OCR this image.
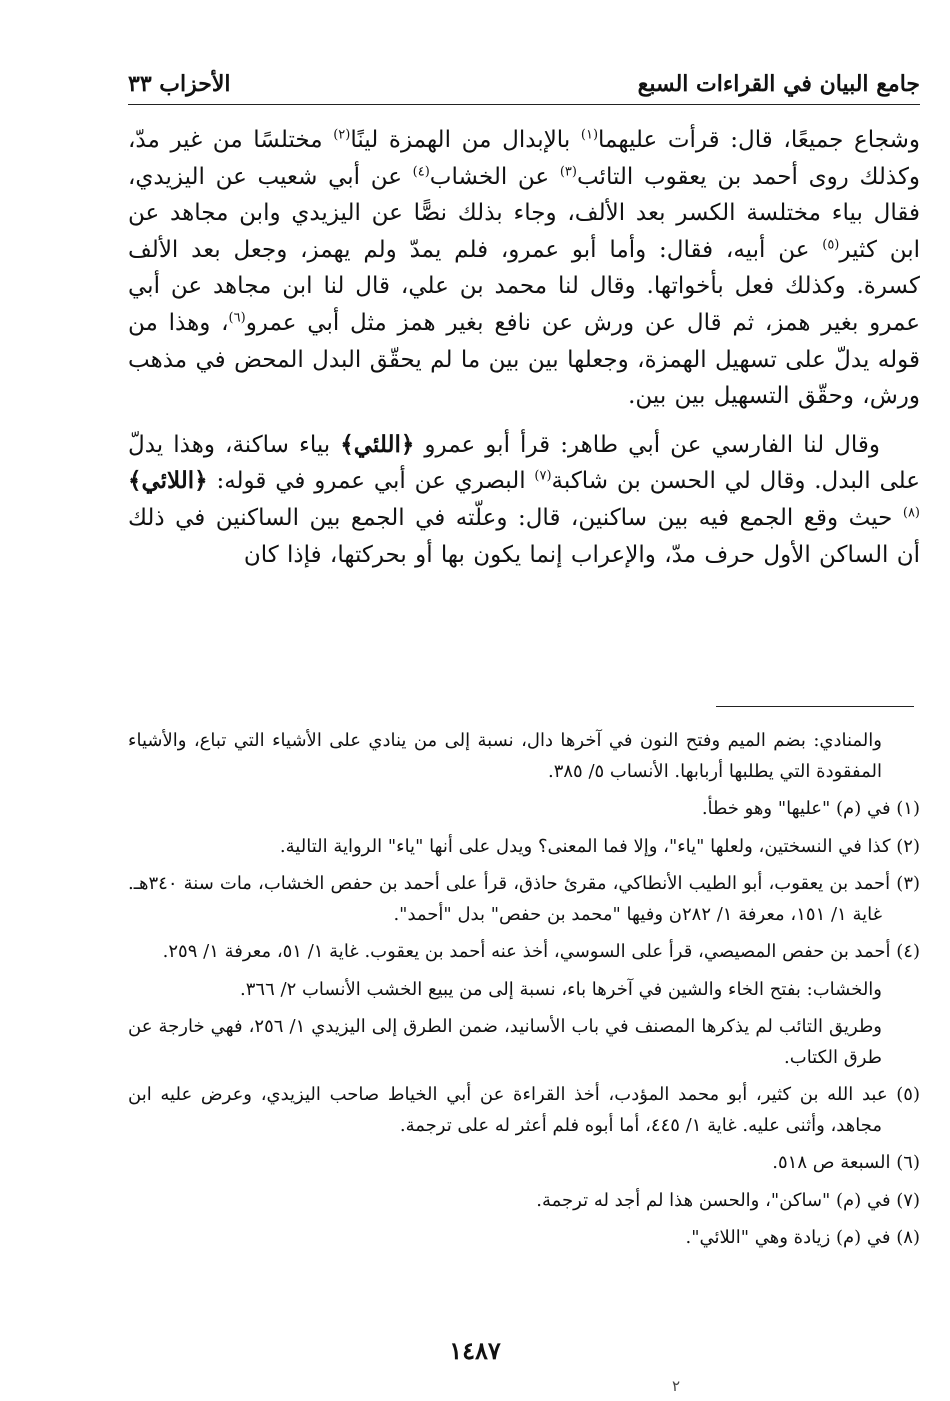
جامع البيان في القراءات السبع
الأحزاب ٣٣

وشجاع جميعًا، قال: قرأت عليهما$^{(١)}$ بالإبدال من الهمزة لينًا$^{(٢)}$ مختلسًا من غير مدّ، وكذلك روى أحمد بن يعقوب التائب$^{(٣)}$ عن الخشاب$^{(٤)}$ عن أبي شعيب عن اليزيدي، فقال بياء مختلسة الكسر بعد الألف، وجاء بذلك نصًّا عن اليزيدي وابن مجاهد عن ابن كثير$^{(٥)}$ عن أبيه، فقال: وأما أبو عمرو، فلم يمدّ ولم يهمز، وجعل بعد الألف كسرة. وكذلك فعل بأخواتها. وقال لنا محمد بن علي، قال لنا ابن مجاهد عن أبي عمرو بغير همز، ثم قال عن ورش عن نافع بغير همز مثل أبي عمرو$^{(٦)}$، وهذا من قوله يدلّ على تسهيل الهمزة، وجعلها بين بين ما لم يحقّق البدل المحض في مذهب ورش، وحقّق التسهيل بين بين.

وقال لنا الفارسي عن أبي طاهر: قرأ أبو عمرو ﴿اللئي﴾ بياء ساكنة، وهذا يدلّ على البدل. وقال لي الحسن بن شاكبة$^{(٧)}$ البصري عن أبي عمرو في قوله: ﴿اللائي﴾$^{(٨)}$ حيث وقع الجمع فيه بين ساكنين، قال: وعلّته في الجمع بين الساكنين في ذلك أن الساكن الأول حرف مدّ، والإعراب إنما يكون بها أو بحركتها، فإذا كان

والمنادي: بضم الميم وفتح النون في آخرها دال، نسبة إلى من ينادي على الأشياء التي تباع، والأشياء المفقودة التي يطلبها أربابها. الأنساب ٥/ ٣٨٥.

(١) في (م) "عليها" وهو خطأ.

(٢) كذا في النسختين، ولعلها "ياء"، وإلا فما المعنى؟ ويدل على أنها "ياء" الرواية التالية.

(٣) أحمد بن يعقوب، أبو الطيب الأنطاكي، مقرئ حاذق، قرأ على أحمد بن حفص الخشاب، مات سنة ٣٤٠هـ. غاية ١/ ١٥١، معرفة ١/ ٢٨٢ن وفيها "محمد بن حفص" بدل "أحمد".

(٤) أحمد بن حفص المصيصي، قرأ على السوسي، أخذ عنه أحمد بن يعقوب. غاية ١/ ٥١، معرفة ١/ ٢٥٩.

والخشاب: بفتح الخاء والشين في آخرها باء، نسبة إلى من يبيع الخشب الأنساب ٢/ ٣٦٦.

وطريق التائب لم يذكرها المصنف في باب الأسانيد، ضمن الطرق إلى اليزيدي ١/ ٢٥٦، فهي خارجة عن طرق الكتاب.

(٥) عبد الله بن كثير، أبو محمد المؤدب، أخذ القراءة عن أبي الخياط صاحب اليزيدي، وعرض عليه ابن مجاهد، وأثنى عليه. غاية ١/ ٤٤٥، أما أبوه فلم أعثر له على ترجمة.

(٦) السبعة ص ٥١٨.

(٧) في (م) "ساكن"، والحسن هذا لم أجد له ترجمة.

(٨) في (م) زيادة وهي "اللائي".

١٤٨٧
٢
